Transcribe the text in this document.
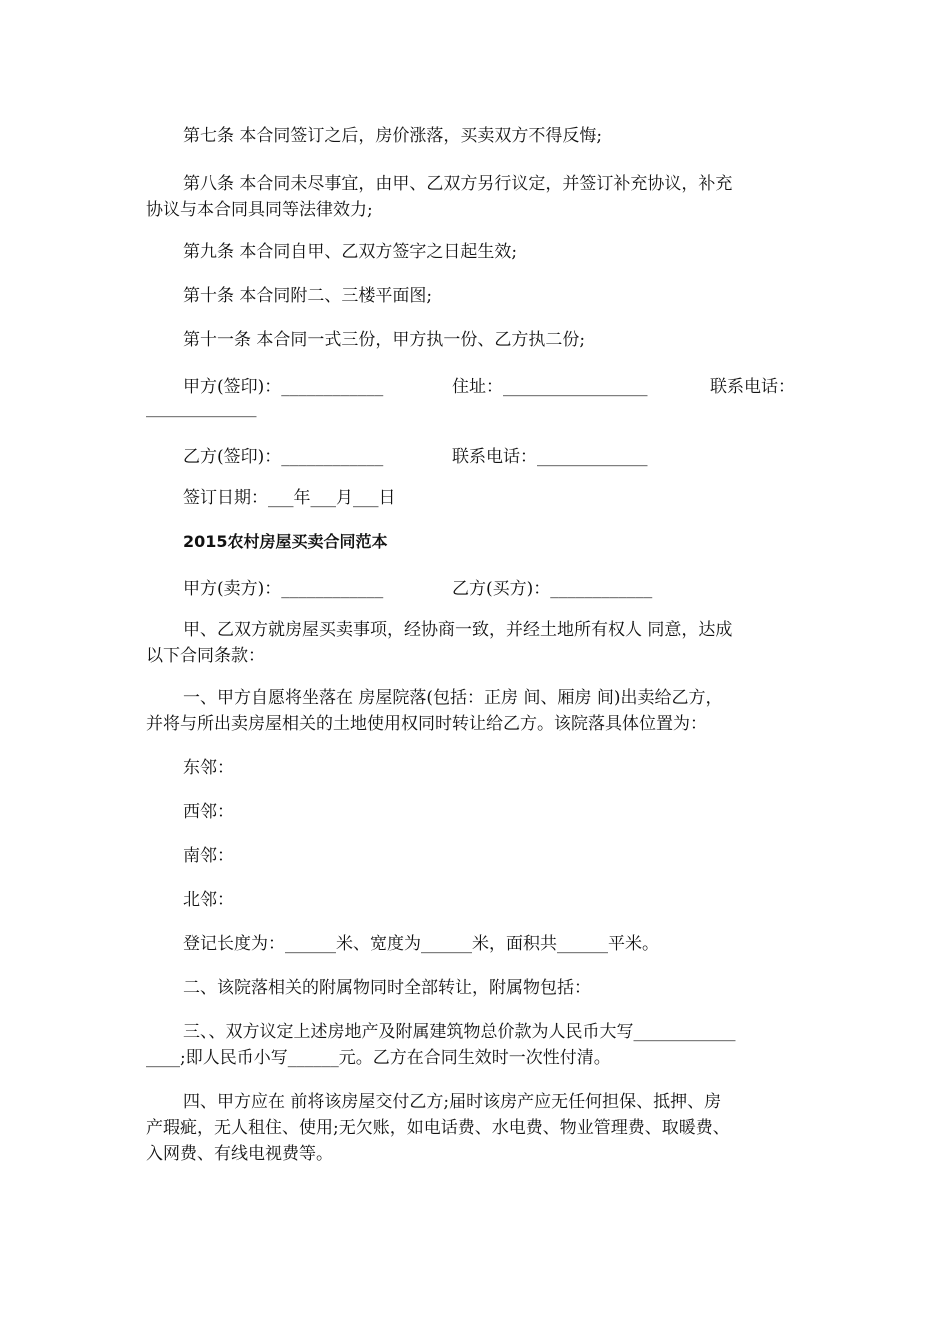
第七条 本合同签订之后，房价涨落，买卖双方不得反悔;
第八条 本合同未尽事宜，由甲、乙双方另行议定，并签订补充协议，补充
协议与本合同具同等法律效力;
第九条 本合同自甲、乙双方签字之日起生效;
第十条 本合同附二、三楼平面图;
第十一条 本合同一式三份，甲方执一份、乙方执二份;
甲方(签印)：____________	住址：_________________	联系电话：
_____________
乙方(签印)：____________	联系电话：_____________
签订日期：___年___月___日
2015农村房屋买卖合同范本
甲方(卖方)：____________	乙方(买方)：____________
甲、乙双方就房屋买卖事项，经协商一致，并经土地所有权人 同意，达成
以下合同条款：
一、甲方自愿将坐落在 房屋院落(包括：正房 间、厢房 间)出卖给乙方，
并将与所出卖房屋相关的土地使用权同时转让给乙方。该院落具体位置为：
东邻：
西邻：
南邻：
北邻：
登记长度为：______米、宽度为______米，面积共______平米。
二、该院落相关的附属物同时全部转让，附属物包括：
三、、双方议定上述房地产及附属建筑物总价款为人民币大写____________
____;即人民币小写______元。乙方在合同生效时一次性付清。
四、甲方应在 前将该房屋交付乙方;届时该房产应无任何担保、抵押、房
产瑕疵，无人租住、使用;无欠账，如电话费、水电费、物业管理费、取暖费、
入网费、有线电视费等。
